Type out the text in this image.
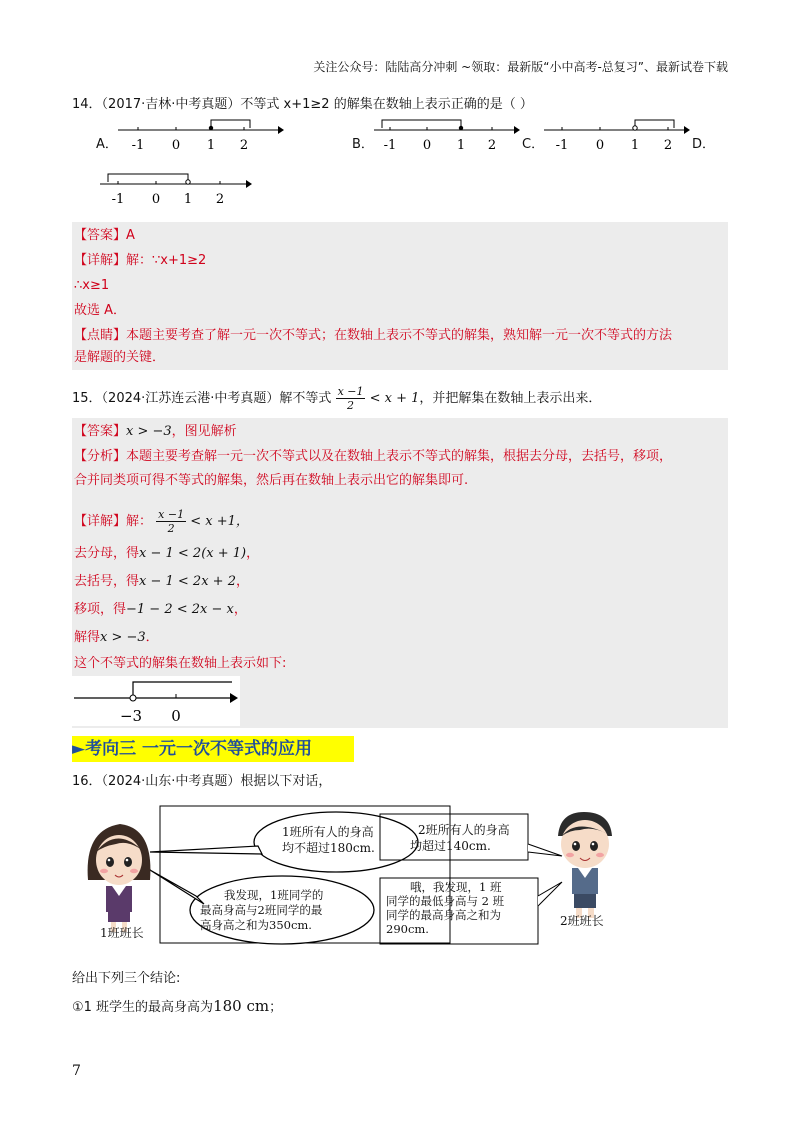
关注公众号：陆陆高分冲刺 ~领取：最新版“小中高考-总复习”、最新试卷下载
14．（2017·吉林·中考真题）不等式 x+1≥2 的解集在数轴上表示正确的是（ ）
A．	B．	C．	D．
-1 0 1 2	-1 0 1 2	-1 0 1 2
-1 0 1 2
【答案】A
【详解】解：∵x+1≥2
∴x≥1
故选 A．
【点睛】本题主要考查了解一元一次不等式；在数轴上表示不等式的解集，熟知解一元一次不等式的方法
是解题的关键．
15．（2024·江苏连云港·中考真题）解不等式 $\frac{x -1}{2} < x + 1$，并把解集在数轴上表示出来．
【答案】x > −3，图见解析
【分析】本题主要考查解一元一次不等式以及在数轴上表示不等式的解集，根据去分母，去括号，移项，
合并同类项可得不等式的解集，然后再在数轴上表示出它的解集即可.
【详解】解： $\frac{x -1}{2} < x +1$，
去分母，得x − 1 < 2(x + 1)，
去括号，得x − 1 < 2x + 2，
移项，得−1 − 2 < 2x − x，
解得x > −3．
这个不等式的解集在数轴上表示如下:
−3 0
►考向三 一元一次不等式的应用
16．（2024·山东·中考真题）根据以下对话，
1班所有人的身高
均不超过180cm.
我发现，1班同学的
最高身高与2班同学的最
高身高之和为350cm.
2班所有人的身高
均超过140cm.
哦，我发现，1 班
同学的最低身高与 2 班
同学的最高身高之和为
290cm.
1班班长
2班班长
给出下列三个结论:
①1 班学生的最高身高为180 cm；
7
